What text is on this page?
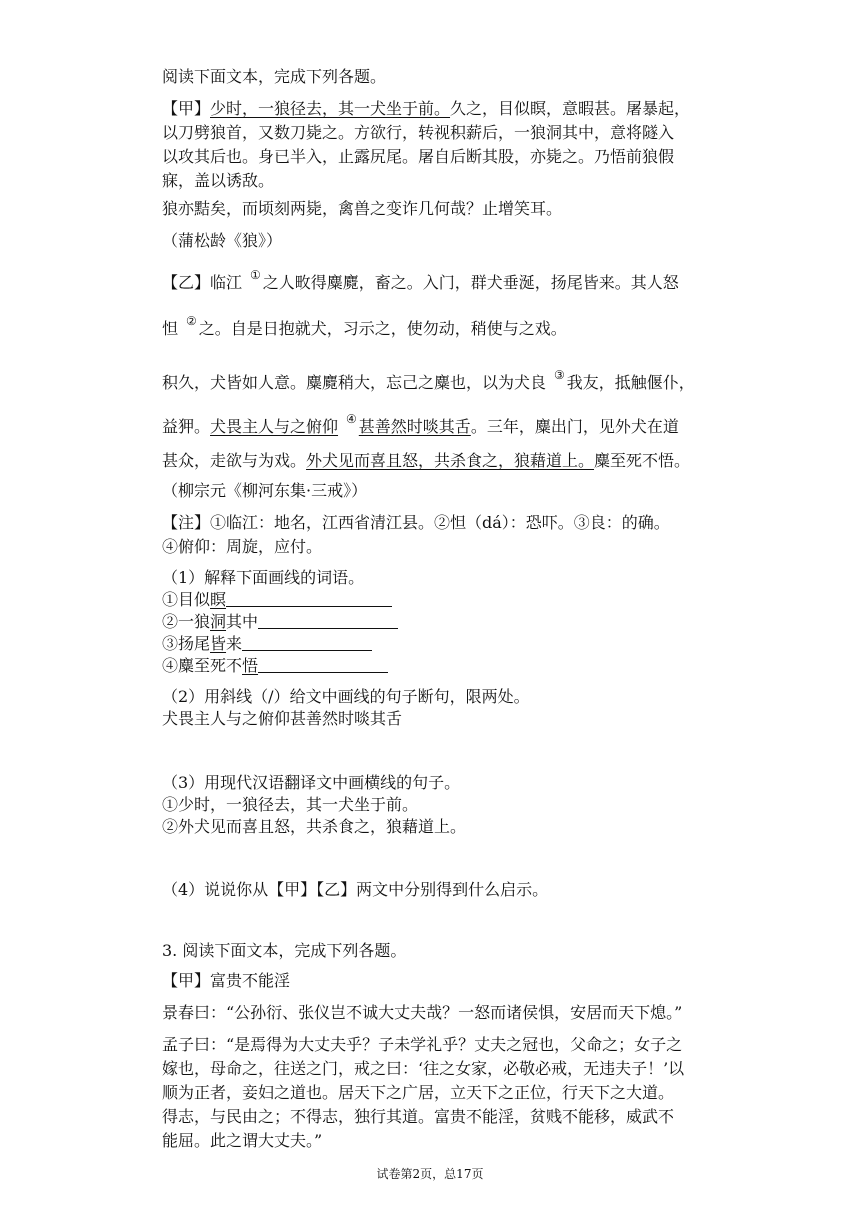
阅读下面文本，完成下列各题。
【甲】少时，一狼径去，其一犬坐于前。久之，目似瞑，意暇甚。屠暴起，
以刀劈狼首，又数刀毙之。方欲行，转视积薪后，一狼洞其中，意将隧入
以攻其后也。身已半入，止露尻尾。屠自后断其股，亦毙之。乃悟前狼假
寐，盖以诱敌。
狼亦黠矣，而顷刻两毙，禽兽之变诈几何哉？止增笑耳。
（蒲松龄《狼》）
【乙】临江 ① 之人畋得麋麑，畜之。入门，群犬垂涎，扬尾皆来。其人怒
怛 ② 之。自是日抱就犬，习示之，使勿动，稍使与之戏。
积久，犬皆如人意。麋麑稍大，忘己之麋也，以为犬良 ③ 我友，抵触偃仆，
益狎。犬畏主人与之俯仰 ④ 甚善然时啖其舌。三年，麋出门，见外犬在道
甚众，走欲与为戏。外犬见而喜且怒，共杀食之，狼藉道上。麋至死不悟。
（柳宗元《柳河东集·三戒》）
【注】①临江：地名，江西省清江县。②怛（dá）：恐吓。③良：的确。
④俯仰：周旋，应付。
（1）解释下面画线的词语。
①目似瞑
②一狼洞其中
③扬尾皆来
④麋至死不悟
（2）用斜线（/）给文中画线的句子断句，限两处。
犬畏主人与之俯仰甚善然时啖其舌
（3）用现代汉语翻译文中画横线的句子。
①少时，一狼径去，其一犬坐于前。
②外犬见而喜且怒，共杀食之，狼藉道上。
（4）说说你从【甲】【乙】两文中分别得到什么启示。
3. 阅读下面文本，完成下列各题。
【甲】富贵不能淫
景春曰：“公孙衍、张仪岂不诚大丈夫哉？一怒而诸侯惧，安居而天下熄。”
孟子曰：“是焉得为大丈夫乎？子未学礼乎？丈夫之冠也，父命之；女子之
嫁也，母命之，往送之门，戒之曰：‘往之女家，必敬必戒，无违夫子！’以
顺为正者，妾妇之道也。居天下之广居，立天下之正位，行天下之大道。
得志，与民由之；不得志，独行其道。富贵不能淫，贫贱不能移，威武不
能屈。此之谓大丈夫。”
试卷第2页，总17页
